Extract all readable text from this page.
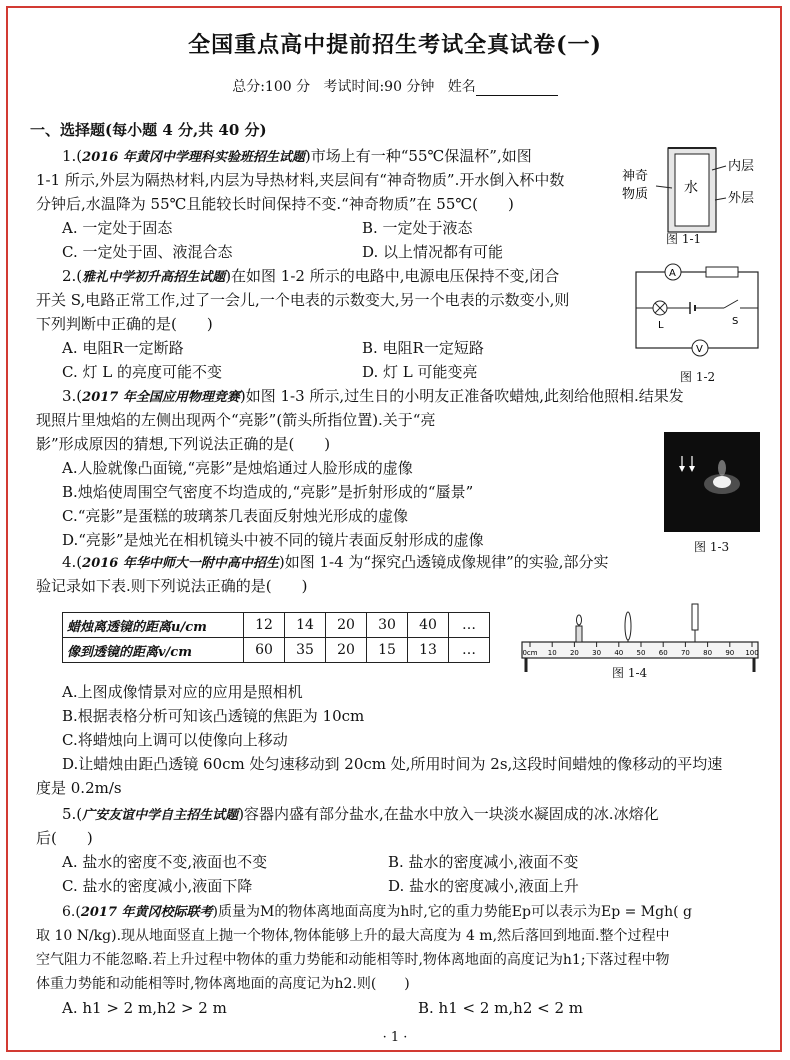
全国重点高中提前招生考试全真试卷(一)
总分:100 分 考试时间:90 分钟 姓名
一、选择题(每小题 4 分,共 40 分)
1.(2016 年黄冈中学理科实验班招生试题)市场上有一种“55℃保温杯”,如图
1-1 所示,外层为隔热材料,内层为导热材料,夹层间有“神奇物质”.开水倒入杯中数
分钟后,水温降为 55℃且能较长时间保持不变.“神奇物质”在 55℃(　　)
A. 一定处于固态	B. 一定处于液态
C. 一定处于固、液混合态	D. 以上情况都有可能
水
神奇
物质
内层
外层
图 1-1
2.(雅礼中学初升高招生试题)在如图 1-2 所示的电路中,电源电压保持不变,闭合
开关 S,电路正常工作,过了一会儿,一个电表的示数变大,另一个电表的示数变小,则
下列判断中正确的是(　　)
A. 电阻R一定断路	B. 电阻R一定短路
C. 灯 L 的亮度可能不变	D. 灯 L 可能变亮
A
L	S
V
图 1-2
3.(2017 年全国应用物理竞赛)如图 1-3 所示,过生日的小明友正准备吹蜡烛,此刻给他照相.结果发
现照片里烛焰的左侧出现两个“亮影”(箭头所指位置).关于“亮
影”形成原因的猜想,下列说法正确的是(　　)
A.人脸就像凸面镜,“亮影”是烛焰通过人脸形成的虚像
B.烛焰使周围空气密度不均造成的,“亮影”是折射形成的“蜃景”
C.“亮影”是蛋糕的玻璃茶几表面反射烛光形成的虚像
D.“亮影”是烛光在相机镜头中被不同的镜片表面反射形成的虚像	图 1-3
4.(2016 年华中师大一附中高中招生)如图 1-4 为“探究凸透镜成像规律”的实验,部分实
验记录如下表.则下列说法正确的是(　　)
蜡烛离透镜的距离u/cm	12	14	20	30	40	…
像到透镜的距离v/cm	60	35	20	15	13	…	0cm 10 20 30 40 50 60 70 80 90 100
图 1-4
A.上图成像情景对应的应用是照相机
B.根据表格分析可知该凸透镜的焦距为 10cm
C.将蜡烛向上调可以使像向上移动
D.让蜡烛由距凸透镜 60cm 处匀速移动到 20cm 处,所用时间为 2s,这段时间蜡烛的像移动的平均速
度是 0.2m/s
5.(广安友谊中学自主招生试题)容器内盛有部分盐水,在盐水中放入一块淡水凝固成的冰.冰熔化
后(　　)
A. 盐水的密度不变,液面也不变	B. 盐水的密度减小,液面不变
C. 盐水的密度减小,液面下降	D. 盐水的密度减小,液面上升
6.(2017 年黄冈校际联考)质量为M的物体离地面高度为h时,它的重力势能Ep可以表示为Ep = Mgh( g
取 10 N/kg).现从地面竖直上抛一个物体,物体能够上升的最大高度为 4 m,然后落回到地面.整个过程中
空气阻力不能忽略.若上升过程中物体的重力势能和动能相等时,物体离地面的高度记为h1;下落过程中物
体重力势能和动能相等时,物体离地面的高度记为h2.则(　　)
A. h1 > 2 m,h2 > 2 m	B. h1 < 2 m,h2 < 2 m
· 1 ·
